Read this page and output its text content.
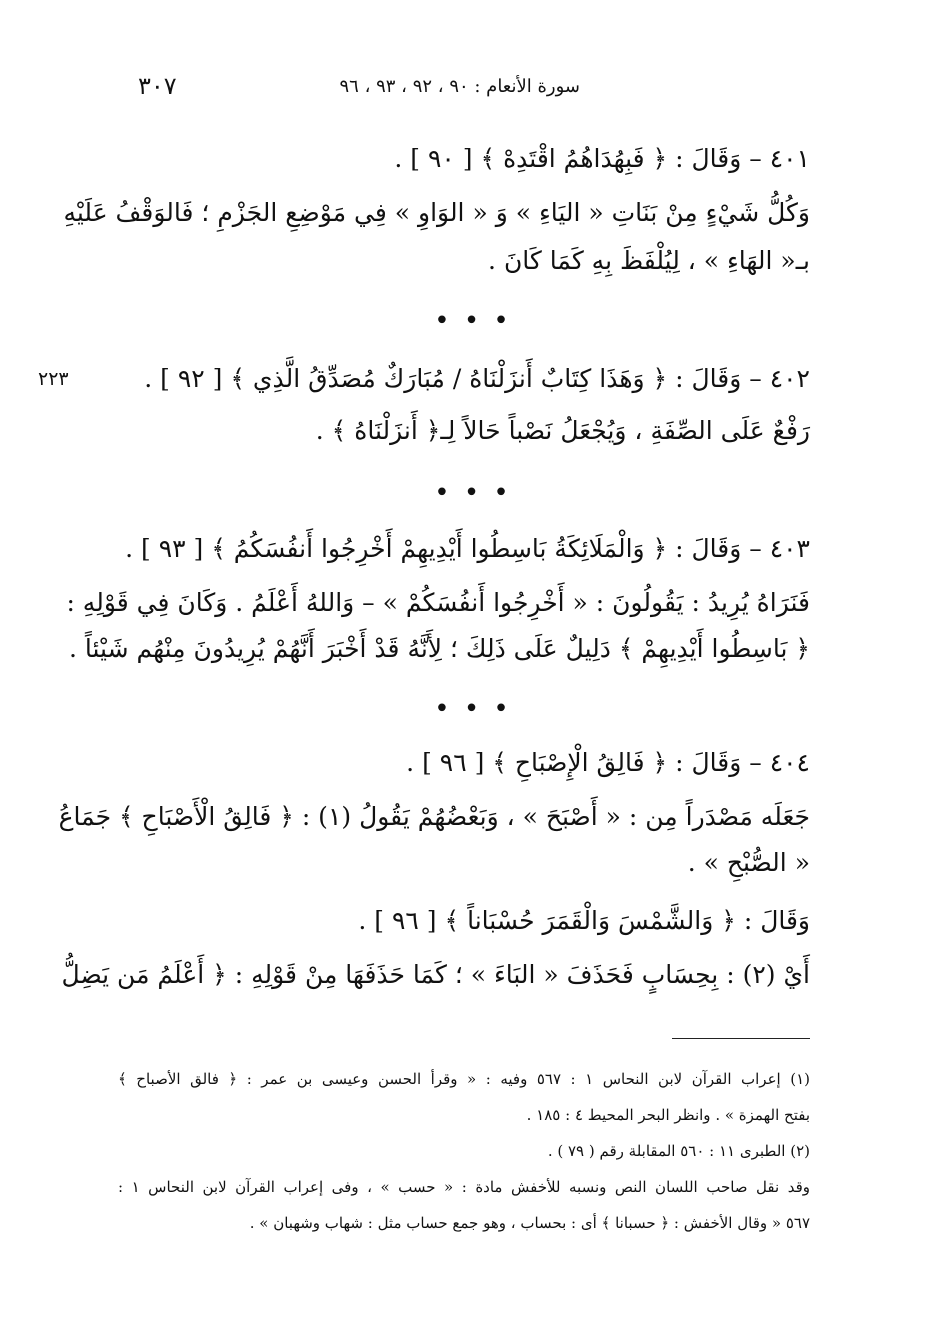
٣٠٧	سورة الأنعام : ٩٠ ، ٩٢ ، ٩٣ ، ٩٦
٤٠١ – وَقَالَ : ﴿ فَبِهُدَاهُمُ اقْتَدِهْ ﴾ [ ٩٠ ] .
وَكُلُّ شَيْءٍ مِنْ بَنَاتِ « اليَاءِ » وَ « الوَاوِ » فِي مَوْضِعِ الجَزْمِ ؛ فَالوَقْفُ عَلَيْهِ
بـ« الهَاءِ » ، لِيُلْفَظَ بِهِ كَمَا كَانَ .
• • •
٤٠٢ – وَقَالَ : ﴿ وَهَذَا كِتَابٌ أَنزَلْنَاهُ / مُبَارَكٌ مُصَدِّقُ الَّذِي ﴾ [ ٩٢ ] .
٢٢٣
رَفْعٌ عَلَى الصِّفَةِ ، وَيُجْعَلُ نَصْباً حَالاً لِـ﴿ أَنزَلْنَاهُ ﴾ .
• • •
٤٠٣ – وَقَالَ : ﴿ وَالْمَلَائِكَةُ بَاسِطُوا أَيْدِيهِمْ أَخْرِجُوا أَنفُسَكُمُ ﴾ [ ٩٣ ] .
فَنَرَاهُ يُرِيدُ : يَقُولُونَ : « أَخْرِجُوا أَنفُسَكُمْ » – وَاللهُ أَعْلَمُ . وَكَانَ فِي قَوْلِهِ :
﴿ بَاسِطُوا أَيْدِيهِمْ ﴾ دَلِيلٌ عَلَى ذَلِكَ ؛ لِأَنَّهُ قَدْ أَخْبَرَ أَنَّهُمْ يُرِيدُونَ مِنْهُم شَيْئاً .
• • •
٤٠٤ – وَقَالَ : ﴿ فَالِقُ الْإِصْبَاحِ ﴾ [ ٩٦ ] .
جَعَلَه مَصْدَراً مِن : « أَصْبَحَ » ، وَبَعْضُهُمْ يَقُولُ (١) : ﴿ فَالِقُ الْأَصْبَاحِ ﴾ جَمَاعُ
« الصُّبْحِ » .
وَقَالَ : ﴿ وَالشَّمْسَ وَالْقَمَرَ حُسْبَاناً ﴾ [ ٩٦ ] .
أَيْ (٢) : بِحِسَابٍ فَحَذَفَ « البَاءَ » ؛ كَمَا حَذَفَهَا مِنْ قَوْلِهِ : ﴿ أَعْلَمُ مَن يَضِلُّ
(١) إعراب القرآن لابن النحاس ١ : ٥٦٧ وفيه : « وقرأ الحسن وعيسى بن عمر : ﴿ فالق الأصباح ﴾
بفتح الهمزة » . وانظر البحر المحيط ٤ : ١٨٥ .
(٢) الطبرى ١١ : ٥٦٠ المقابلة رقم ( ٧٩ ) .
وقد نقل صاحب اللسان النص ونسبه للأخفش مادة : « حسب » ، وفى إعراب القرآن لابن النحاس ١ :
٥٦٧ « وقال الأخفش : ﴿ حسبانا ﴾ أى : بحساب ، وهو جمع حساب مثل : شهاب وشهبان » .
